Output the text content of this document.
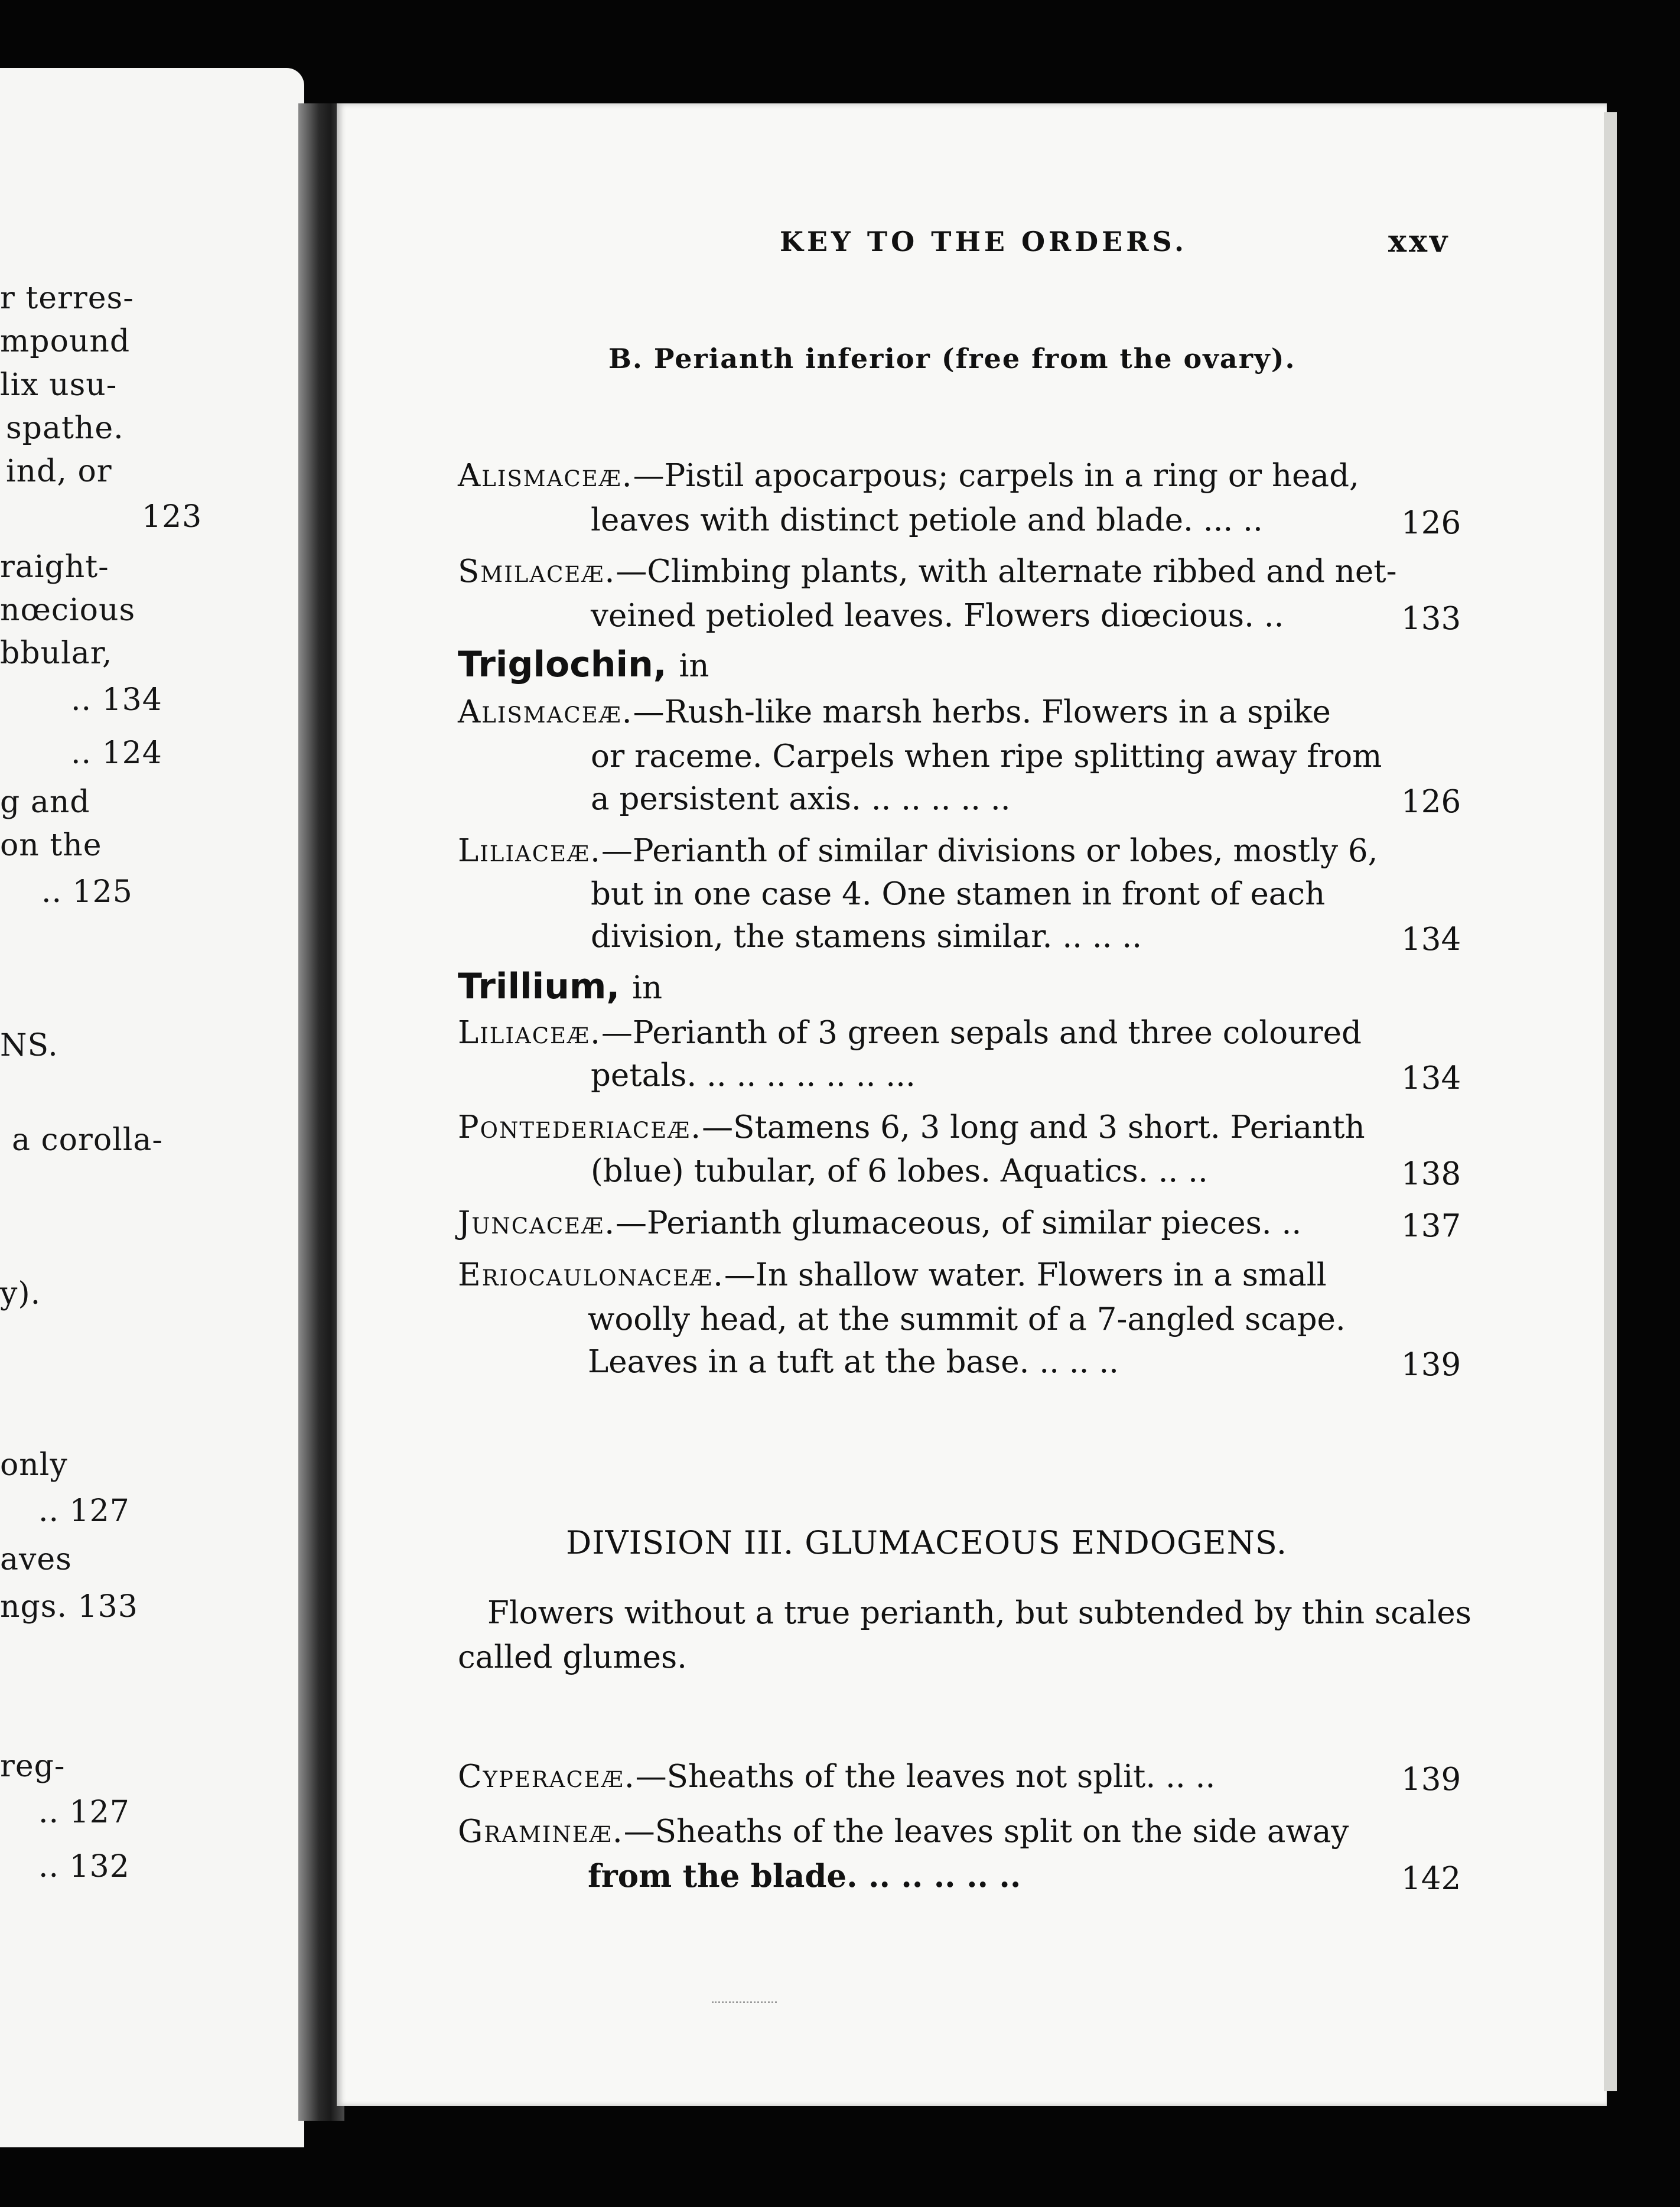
r terres-
mpound
lix usu-
spathe.
ind, or
123
raight-
nœcious
bbular,
.. 134
.. 124
g and
on the
.. 125
NS.
a corolla-
y).
only
.. 127
aves
ngs. 133
reg-
.. 127
.. 132
KEY TO THE ORDERS.	xxv
B. Perianth inferior (free from the ovary).
Alismaceæ.—Pistil apocarpous; carpels in a ring or head,
leaves with distinct petiole and blade. ... ..	126
Smilaceæ.—Climbing plants, with alternate ribbed and net-
veined petioled leaves. Flowers diœcious. ..	133
Triglochin, in
Alismaceæ.—Rush-like marsh herbs. Flowers in a spike
or raceme. Carpels when ripe splitting away from
a persistent axis. .. .. .. .. ..	126
Liliaceæ.—Perianth of similar divisions or lobes, mostly 6,
but in one case 4. One stamen in front of each
division, the stamens similar. .. .. ..	134
Trillium, in
Liliaceæ.—Perianth of 3 green sepals and three coloured
petals. .. .. .. .. .. .. ...	134
Pontederiaceæ.—Stamens 6, 3 long and 3 short. Perianth
(blue) tubular, of 6 lobes. Aquatics. .. ..	138
Juncaceæ.—Perianth glumaceous, of similar pieces. ..	137
Eriocaulonaceæ.—In shallow water. Flowers in a small
woolly head, at the summit of a 7-angled scape.
Leaves in a tuft at the base. .. .. ..	139
DIVISION III. GLUMACEOUS ENDOGENS.
Flowers without a true perianth, but subtended by thin scales
called glumes.
Cyperaceæ.—Sheaths of the leaves not split. .. ..	139
Gramineæ.—Sheaths of the leaves split on the side away
from the blade. .. .. .. .. ..	142
